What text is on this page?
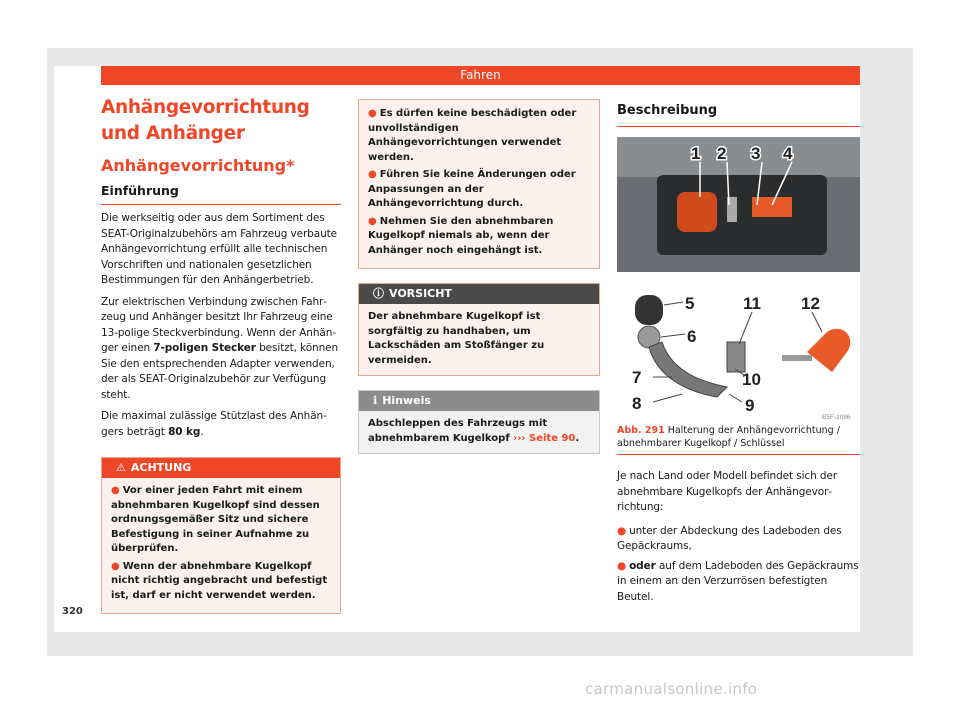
Fahren
Anhängevorrichtung und Anhänger
Anhängevorrichtung*
Einführung

Die werkseitig oder aus dem Sortiment des SEAT-Originalzubehörs am Fahrzeug verbaute Anhängevorrichtung erfüllt alle technischen Vorschriften und nationalen gesetzlichen Bestimmungen für den Anhängerbetrieb.

Zur elektrischen Verbindung zwischen Fahrzeug und Anhänger besitzt Ihr Fahrzeug eine 13-polige Steckverbindung. Wenn der Anhänger einen 7-poligen Stecker besitzt, können Sie den entsprechenden Adapter verwenden, der als SEAT-Originalzubehör zur Verfügung steht.

Die maximal zulässige Stützlast des Anhängers beträgt 80 kg.

⚠ ACHTUNG
● Vor einer jeden Fahrt mit einem abnehmbaren Kugelkopf sind dessen ordnungsgemäßer Sitz und sichere Befestigung in seiner Aufnahme zu überprüfen.
● Wenn der abnehmbare Kugelkopf nicht richtig angebracht und befestigt ist, darf er nicht verwendet werden.
● Es dürfen keine beschädigten oder unvollständigen Anhängevorrichtungen verwendet werden.
● Führen Sie keine Änderungen oder Anpassungen an der Anhängevorrichtung durch.
● Nehmen Sie den abnehmbaren Kugelkopf niemals ab, wenn der Anhänger noch eingehängt ist.
ⓘ VORSICHT
Der abnehmbare Kugelkopf ist sorgfältig zu handhaben, um Lackschäden am Stoßfänger zu vermeiden.
ℹ Hinweis
Abschleppen des Fahrzeugs mit abnehmbarem Kugelkopf ››› Seite 90.
Beschreibung
1 2 3 4
5
6
7
8	9
10
11 12
B5F-1086
Abb. 291 Halterung der Anhängevorrichtung / abnehmbarer Kugelkopf / Schlüssel

Je nach Land oder Modell befindet sich der abnehmbare Kugelkopfs der Anhängevorrichtung:

● unter der Abdeckung des Ladeboden des Gepäckraums,

● oder auf dem Ladeboden des Gepäckraums in einem an den Verzurrösen befestigten Beutel.

320
carmanualsonline.info
